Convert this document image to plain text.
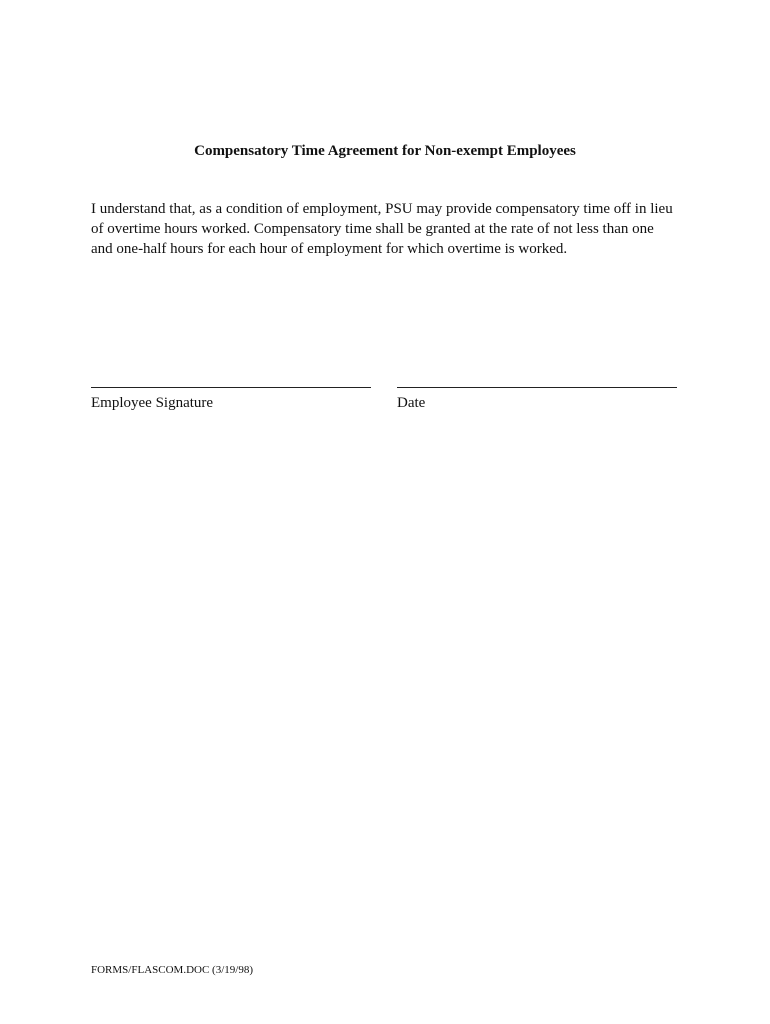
Compensatory Time Agreement for Non-exempt Employees
I understand that, as a condition of employment, PSU may provide compensatory time off in lieu
of overtime hours worked. Compensatory time shall be granted at the rate of not less than one
and one-half hours for each hour of employment for which overtime is worked.
Employee Signature	Date
FORMS/FLASCOM.DOC (3/19/98)
